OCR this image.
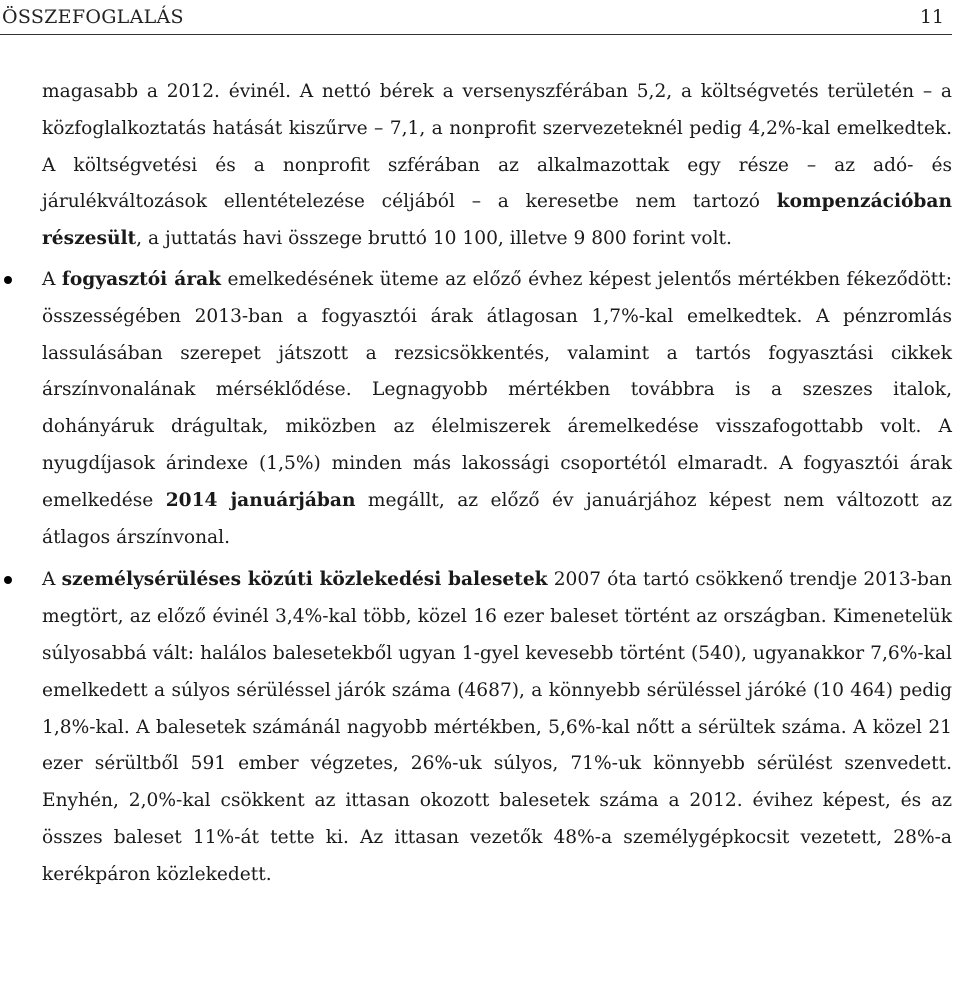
ÖSSZEFOGLALÁS	11

magasabb a 2012. évinél. A nettó bérek a versenyszférában 5,2, a költségvetés területén – a közfoglalkoztatás hatását kiszűrve – 7,1, a nonprofit szervezeteknél pedig 4,2%-kal emelkedtek. A költségvetési és a nonprofit szférában az alkalmazottak egy része – az adó- és járulékváltozások ellentételezése céljából – a keresetbe nem tartozó kompenzációban részesült, a juttatás havi összege bruttó 10 100, illetve 9 800 forint volt.

A fogyasztói árak emelkedésének üteme az előző évhez képest jelentős mértékben fékeződött: összességében 2013-ban a fogyasztói árak átlagosan 1,7%-kal emelkedtek. A pénzromlás lassulásában szerepet játszott a rezsicsökkentés, valamint a tartós fogyasztási cikkek árszínvonalának mérséklődése. Legnagyobb mértékben továbbra is a szeszes italok, dohányáruk drágultak, miközben az élelmiszerek áremelkedése visszafogottabb volt. A nyugdíjasok árindexe (1,5%) minden más lakossági csoportétól elmaradt. A fogyasztói árak emelkedése 2014 januárjában megállt, az előző év januárjához képest nem változott az átlagos árszínvonal.

A személysérüléses közúti közlekedési balesetek 2007 óta tartó csökkenő trendje 2013-ban megtört, az előző évinél 3,4%-kal több, közel 16 ezer baleset történt az országban. Kimenetelük súlyosabbá vált: halálos balesetekből ugyan 1-gyel kevesebb történt (540), ugyanakkor 7,6%-kal emelkedett a súlyos sérüléssel járók száma (4687), a könnyebb sérüléssel járóké (10 464) pedig 1,8%-kal. A balesetek számánál nagyobb mértékben, 5,6%-kal nőtt a sérültek száma. A közel 21 ezer sérültből 591 ember végzetes, 26%-uk súlyos, 71%-uk könnyebb sérülést szenvedett. Enyhén, 2,0%-kal csökkent az ittasan okozott balesetek száma a 2012. évihez képest, és az összes baleset 11%-át tette ki. Az ittasan vezetők 48%-a személygépkocsit vezetett, 28%-a kerékpáron közlekedett.
